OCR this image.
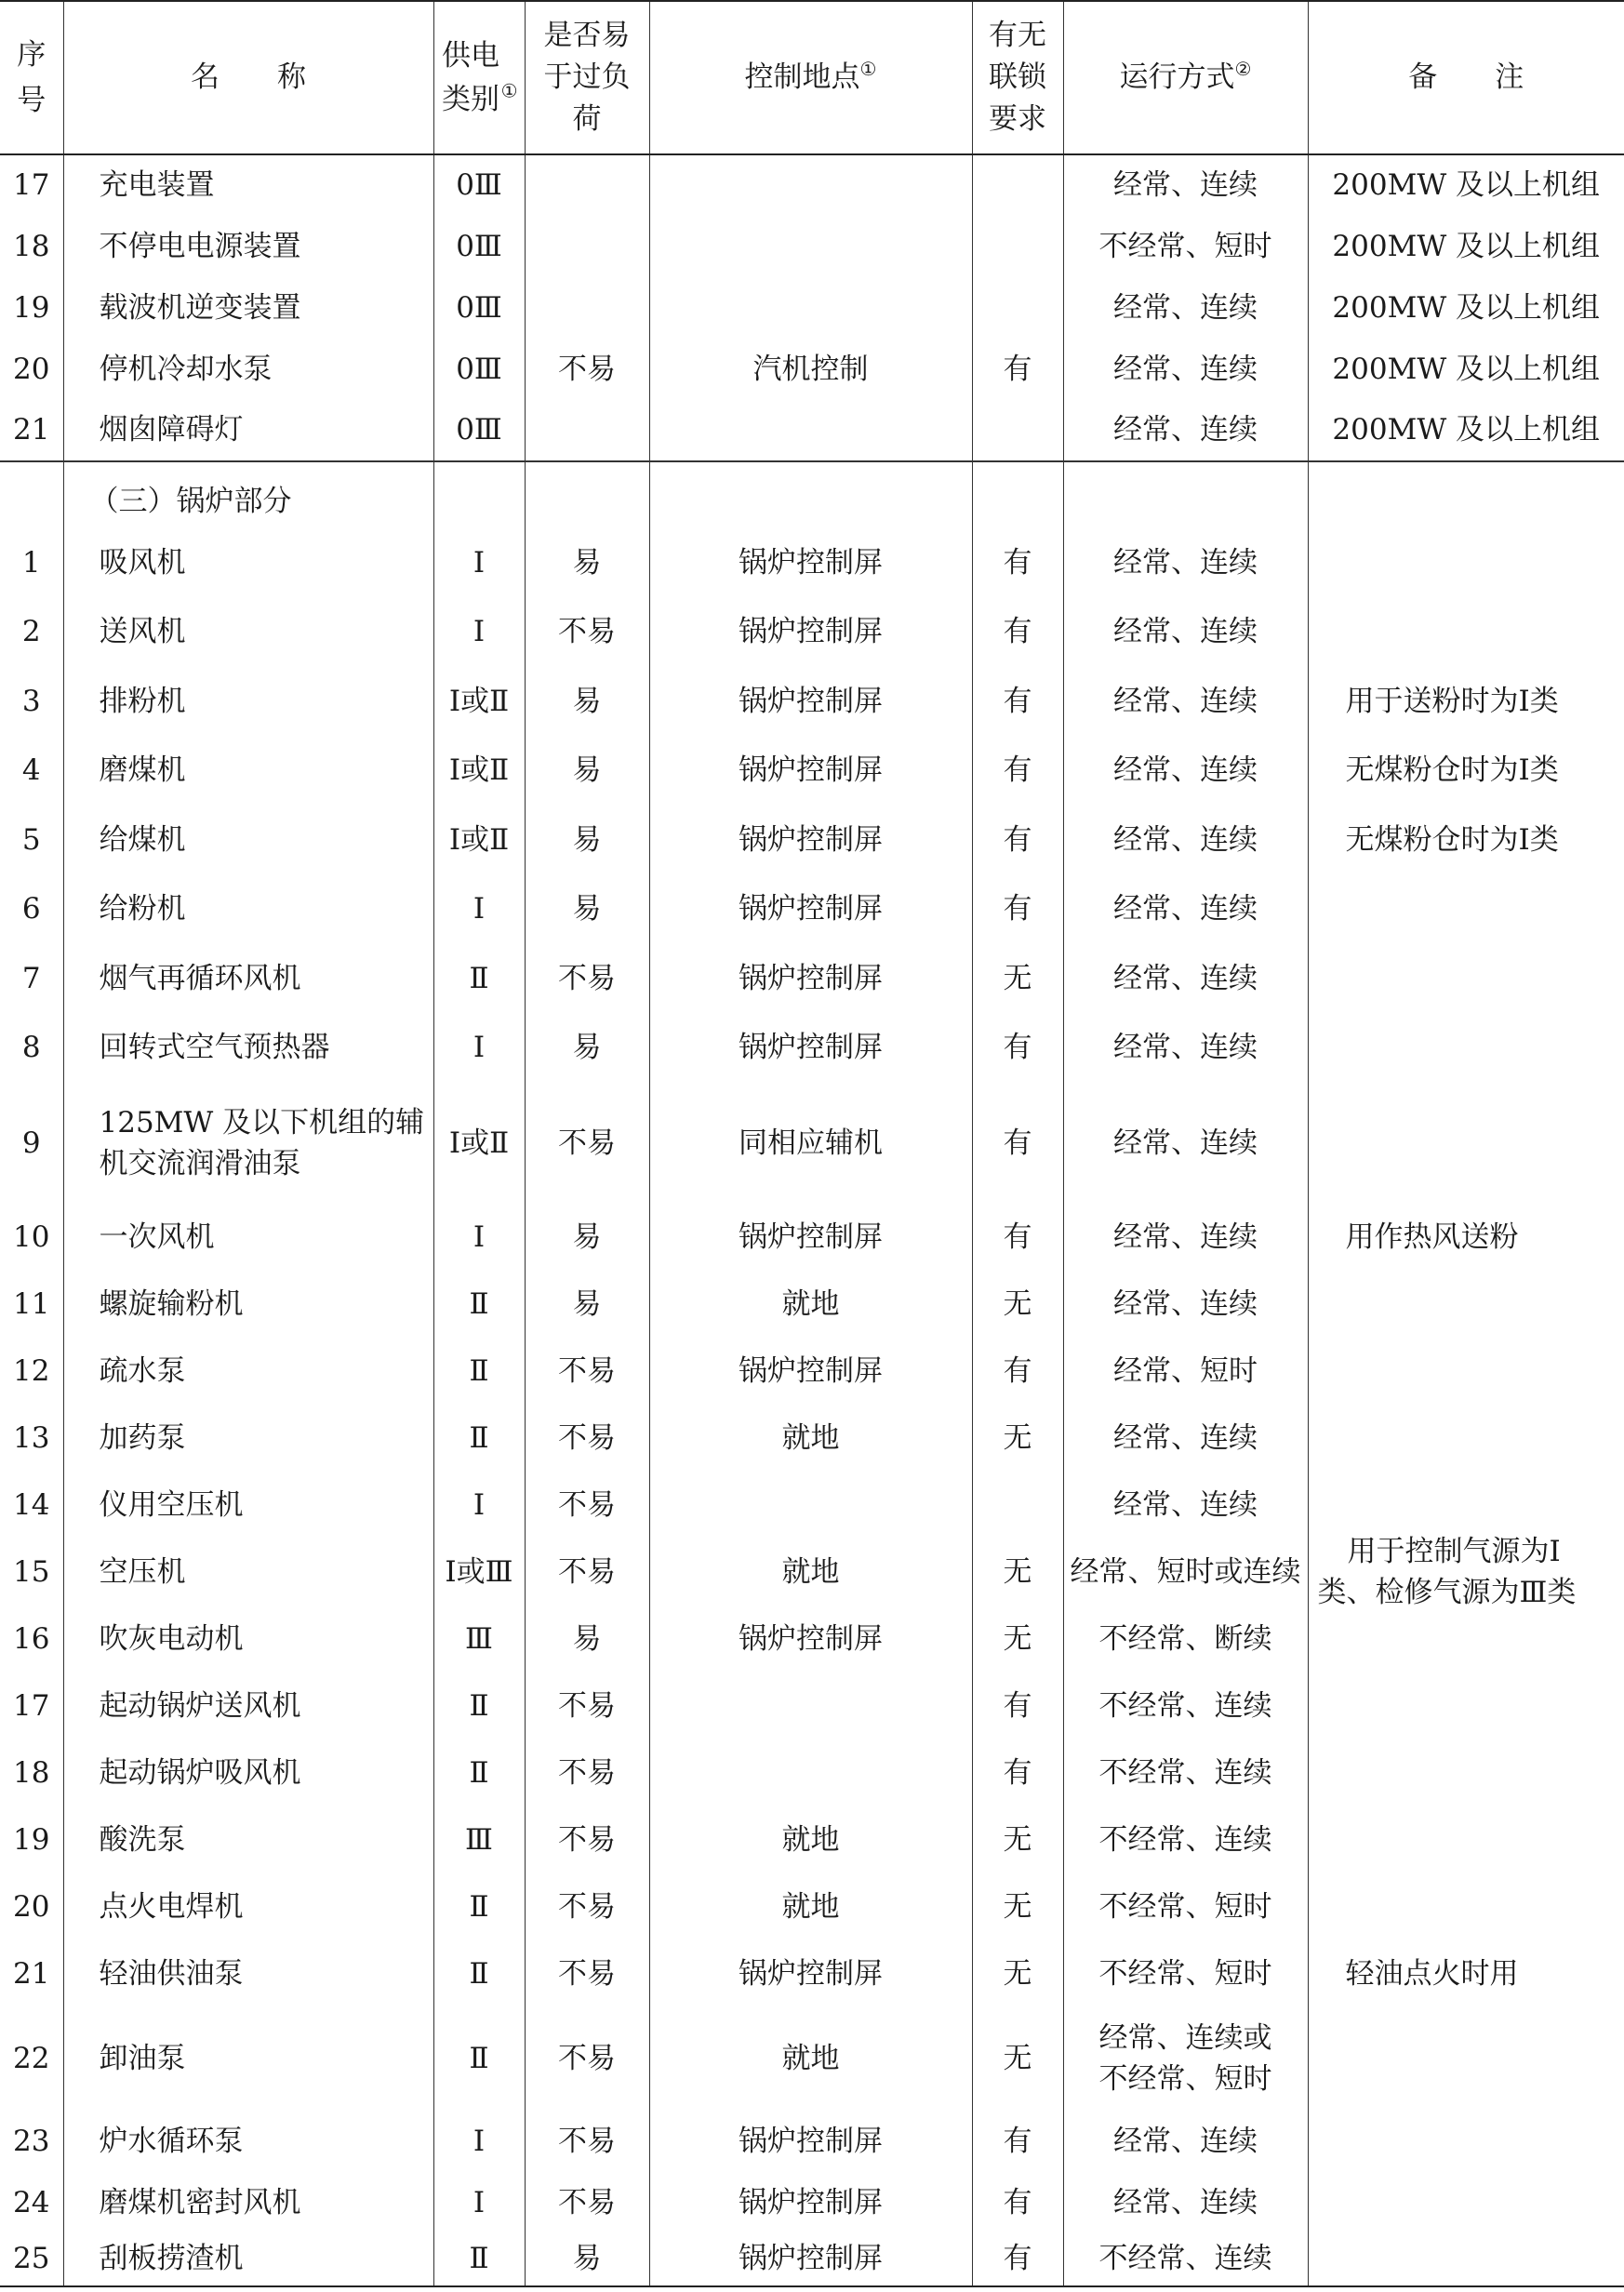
序号	名　　称	供电类别①	是否易于过负荷	控制地点①	有无联锁要求	运行方式②	备　　注
17	充电装置	0Ⅲ				经常、连续	200MW 及以上机组
18	不停电电源装置	0Ⅲ				不经常、短时	200MW 及以上机组
19	载波机逆变装置	0Ⅲ				经常、连续	200MW 及以上机组
20	停机冷却水泵	0Ⅲ	不易	汽机控制	有	经常、连续	200MW 及以上机组
21	烟囱障碍灯	0Ⅲ				经常、连续	200MW 及以上机组
	（三）锅炉部分						
1	吸风机	Ⅰ	易	锅炉控制屏	有	经常、连续	
2	送风机	Ⅰ	不易	锅炉控制屏	有	经常、连续	
3	排粉机	Ⅰ或Ⅱ	易	锅炉控制屏	有	经常、连续	用于送粉时为Ⅰ类
4	磨煤机	Ⅰ或Ⅱ	易	锅炉控制屏	有	经常、连续	无煤粉仓时为Ⅰ类
5	给煤机	Ⅰ或Ⅱ	易	锅炉控制屏	有	经常、连续	无煤粉仓时为Ⅰ类
6	给粉机	Ⅰ	易	锅炉控制屏	有	经常、连续	
7	烟气再循环风机	Ⅱ	不易	锅炉控制屏	无	经常、连续	
8	回转式空气预热器	Ⅰ	易	锅炉控制屏	有	经常、连续	
9	125MW 及以下机组的辅机交流润滑油泵	Ⅰ或Ⅱ	不易	同相应辅机	有	经常、连续	
10	一次风机	Ⅰ	易	锅炉控制屏	有	经常、连续	用作热风送粉
11	螺旋输粉机	Ⅱ	易	就地	无	经常、连续	
12	疏水泵	Ⅱ	不易	锅炉控制屏	有	经常、短时	
13	加药泵	Ⅱ	不易	就地	无	经常、连续	
14	仪用空压机	Ⅰ	不易			经常、连续	用于控制气源为Ⅰ类、检修气源为Ⅲ类
15	空压机	Ⅰ或Ⅲ	不易	就地	无	经常、短时或连续	
16	吹灰电动机	Ⅲ	易	锅炉控制屏	无	不经常、断续	
17	起动锅炉送风机	Ⅱ	不易		有	不经常、连续	
18	起动锅炉吸风机	Ⅱ	不易		有	不经常、连续	
19	酸洗泵	Ⅲ	不易	就地	无	不经常、连续	
20	点火电焊机	Ⅱ	不易	就地	无	不经常、短时	
21	轻油供油泵	Ⅱ	不易	锅炉控制屏	无	不经常、短时	轻油点火时用
22	卸油泵	Ⅱ	不易	就地	无	经常、连续或不经常、短时	
23	炉水循环泵	Ⅰ	不易	锅炉控制屏	有	经常、连续	
24	磨煤机密封风机	Ⅰ	不易	锅炉控制屏	有	经常、连续	
25	刮板捞渣机	Ⅱ	易	锅炉控制屏	有	不经常、连续	
